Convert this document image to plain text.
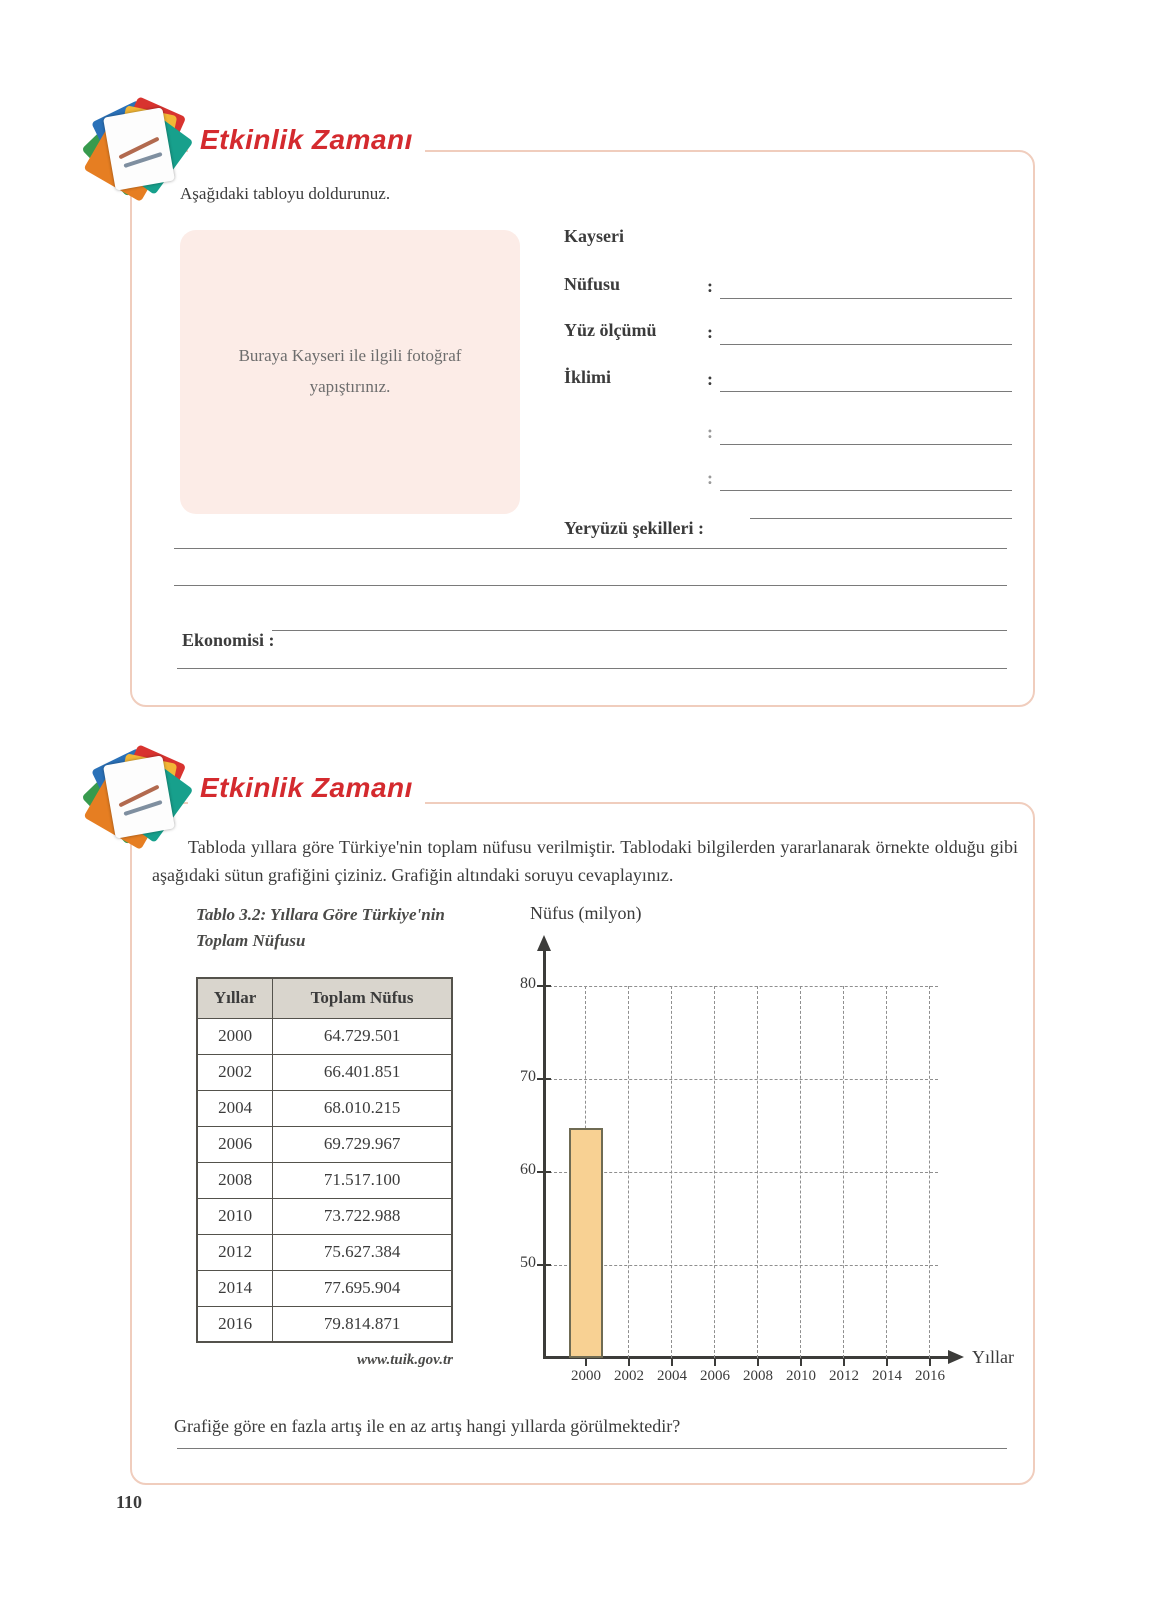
Etkinlik Zamanı
Aşağıdaki tabloyu doldurunuz.
Buraya Kayseri ile ilgili fotoğraf yapıştırınız.
Kayseri
Nüfusu	:
Yüz ölçümü	:
İklimi	:
:
:
Yeryüzü şekilleri :
Ekonomisi :
Etkinlik Zamanı
Tabloda yıllara göre Türkiye'nin toplam nüfusu verilmiştir. Tablodaki bilgilerden yararlanarak örnekte olduğu gibi aşağıdaki sütun grafiğini çiziniz. Grafiğin altındaki soruyu cevaplayınız.
Tablo 3.2: Yıllara Göre Türkiye'nin Toplam Nüfusu
Yıllar	Toplam Nüfus
2000	64.729.501
2002	66.401.851
2004	68.010.215
2006	69.729.967
2008	71.517.100
2010	73.722.988
2012	75.627.384
2014	77.695.904
2016	79.814.871
www.tuik.gov.tr
Nüfus (milyon)
Yıllar
50
60
70
80
2000 2002 2004 2006 2008 2010 2012 2014 2016
Grafiğe göre en fazla artış ile en az artış hangi yıllarda görülmektedir?
110
